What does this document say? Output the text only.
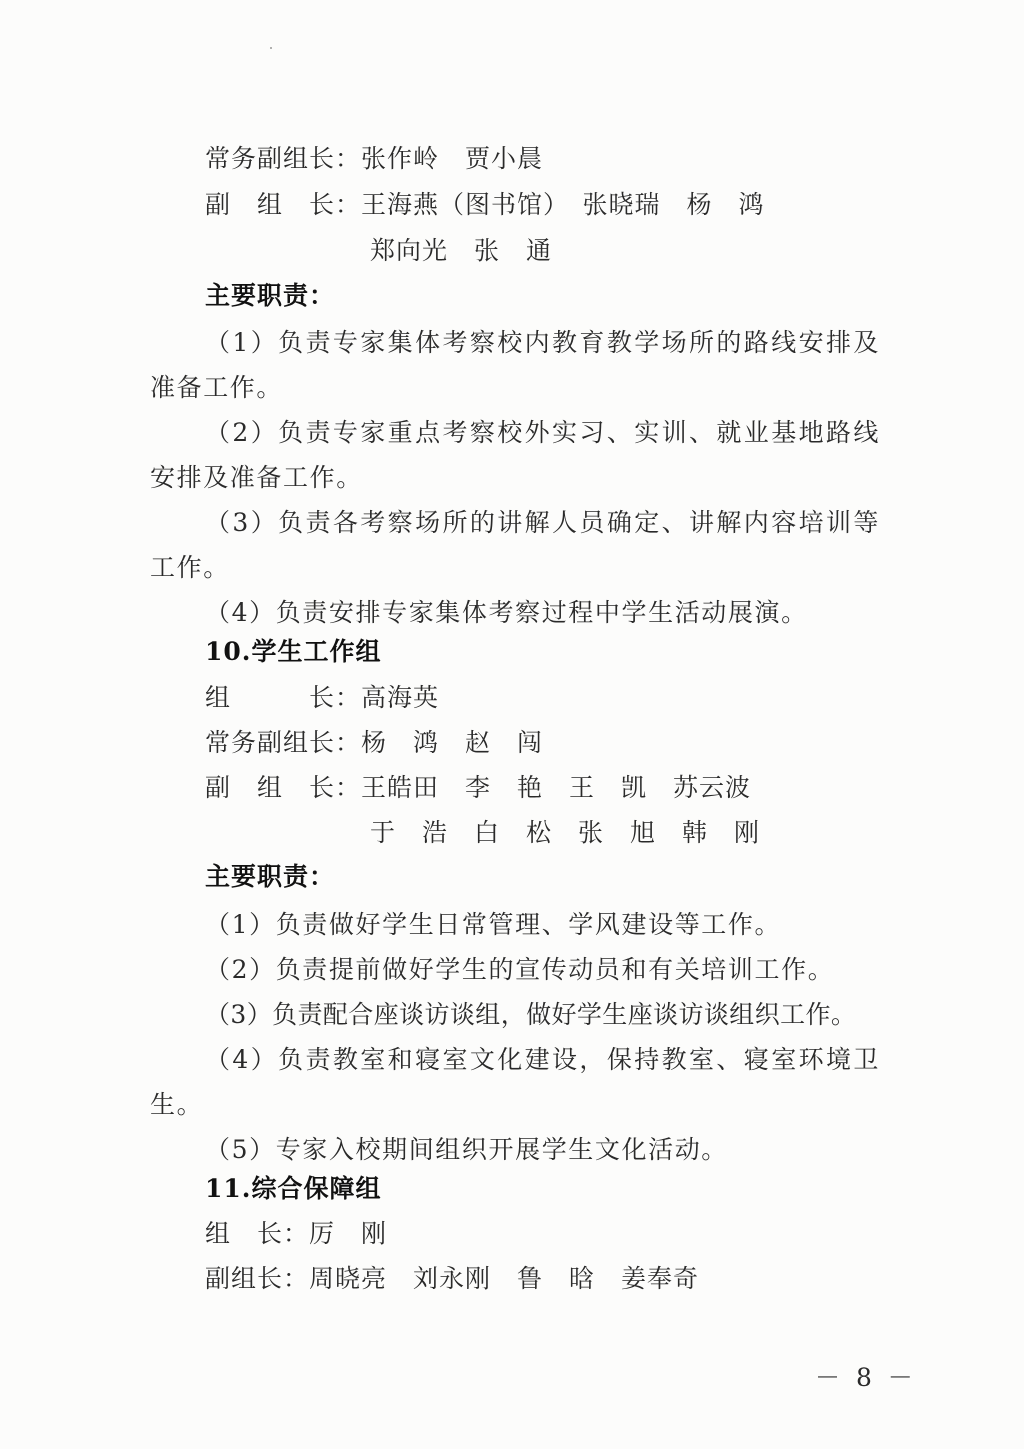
常务副组长：张作岭　贾小晨
副　组　长：王海燕（图书馆）　张晓瑞　杨　鸿
郑向光　张　通
主要职责：
（1）负责专家集体考察校内教育教学场所的路线安排及准备工作。
（2）负责专家重点考察校外实习、实训、就业基地路线安排及准备工作。
（3）负责各考察场所的讲解人员确定、讲解内容培训等工作。
（4）负责安排专家集体考察过程中学生活动展演。
10.学生工作组
组　　　长：高海英
常务副组长：杨　鸿　赵　闯
副　组　长：王皓田　李　艳　王　凯　苏云波
于　浩　白　松　张　旭　韩　刚
主要职责：
（1）负责做好学生日常管理、学风建设等工作。
（2）负责提前做好学生的宣传动员和有关培训工作。
（3）负责配合座谈访谈组，做好学生座谈访谈组织工作。
（4）负责教室和寝室文化建设，保持教室、寝室环境卫生。
（5）专家入校期间组织开展学生文化活动。
11.综合保障组
组　长：厉　刚
副组长：周晓亮　刘永刚　鲁　晗　姜奉奇
－ 8 －
